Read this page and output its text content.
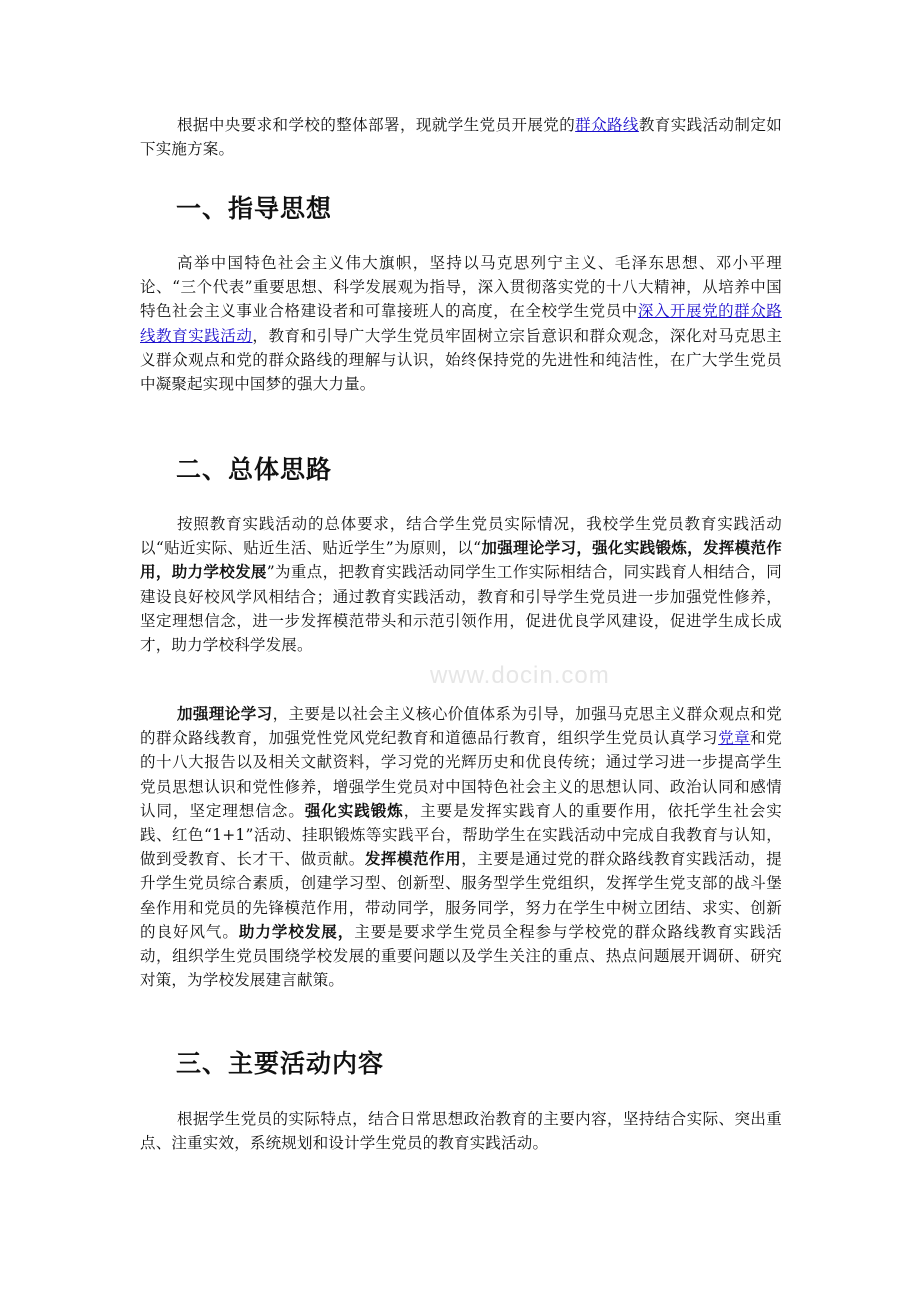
根据中央要求和学校的整体部署，现就学生党员开展党的群众路线教育实践活动制定如下实施方案。

一、指导思想

高举中国特色社会主义伟大旗帜，坚持以马克思列宁主义、毛泽东思想、邓小平理论、“三个代表”重要思想、科学发展观为指导，深入贯彻落实党的十八大精神，从培养中国特色社会主义事业合格建设者和可靠接班人的高度，在全校学生党员中深入开展党的群众路线教育实践活动，教育和引导广大学生党员牢固树立宗旨意识和群众观念，深化对马克思主义群众观点和党的群众路线的理解与认识，始终保持党的先进性和纯洁性，在广大学生党员中凝聚起实现中国梦的强大力量。

二、总体思路

按照教育实践活动的总体要求，结合学生党员实际情况，我校学生党员教育实践活动以“贴近实际、贴近生活、贴近学生”为原则，以“加强理论学习，强化实践锻炼，发挥模范作用，助力学校发展”为重点，把教育实践活动同学生工作实际相结合，同实践育人相结合，同建设良好校风学风相结合；通过教育实践活动，教育和引导学生党员进一步加强党性修养，坚定理想信念，进一步发挥模范带头和示范引领作用，促进优良学风建设，促进学生成长成才，助力学校科学发展。

加强理论学习，主要是以社会主义核心价值体系为引导，加强马克思主义群众观点和党的群众路线教育，加强党性党风党纪教育和道德品行教育，组织学生党员认真学习党章和党的十八大报告以及相关文献资料，学习党的光辉历史和优良传统；通过学习进一步提高学生党员思想认识和党性修养，增强学生党员对中国特色社会主义的思想认同、政治认同和感情认同，坚定理想信念。强化实践锻炼，主要是发挥实践育人的重要作用，依托学生社会实践、红色“1+1”活动、挂职锻炼等实践平台，帮助学生在实践活动中完成自我教育与认知，做到受教育、长才干、做贡献。发挥模范作用，主要是通过党的群众路线教育实践活动，提升学生党员综合素质，创建学习型、创新型、服务型学生党组织，发挥学生党支部的战斗堡垒作用和党员的先锋模范作用，带动同学，服务同学，努力在学生中树立团结、求实、创新的良好风气。助力学校发展，主要是要求学生党员全程参与学校党的群众路线教育实践活动，组织学生党员围绕学校发展的重要问题以及学生关注的重点、热点问题展开调研、研究对策，为学校发展建言献策。

三、主要活动内容

根据学生党员的实际特点，结合日常思想政治教育的主要内容，坚持结合实际、突出重点、注重实效，系统规划和设计学生党员的教育实践活动。

www.docin.com
